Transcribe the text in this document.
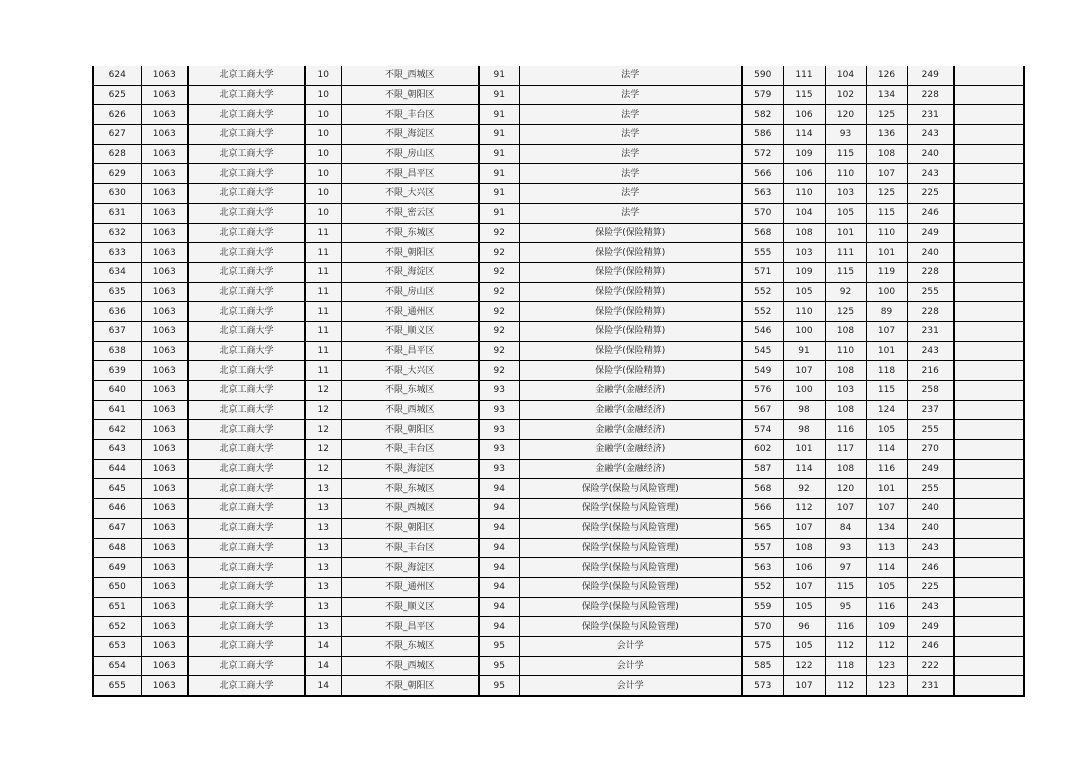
624	1063	北京工商大学	10	不限_西城区	91	法学	590	111	104	126	249	
625	1063	北京工商大学	10	不限_朝阳区	91	法学	579	115	102	134	228	
626	1063	北京工商大学	10	不限_丰台区	91	法学	582	106	120	125	231	
627	1063	北京工商大学	10	不限_海淀区	91	法学	586	114	93	136	243	
628	1063	北京工商大学	10	不限_房山区	91	法学	572	109	115	108	240	
629	1063	北京工商大学	10	不限_昌平区	91	法学	566	106	110	107	243	
630	1063	北京工商大学	10	不限_大兴区	91	法学	563	110	103	125	225	
631	1063	北京工商大学	10	不限_密云区	91	法学	570	104	105	115	246	
632	1063	北京工商大学	11	不限_东城区	92	保险学(保险精算)	568	108	101	110	249	
633	1063	北京工商大学	11	不限_朝阳区	92	保险学(保险精算)	555	103	111	101	240	
634	1063	北京工商大学	11	不限_海淀区	92	保险学(保险精算)	571	109	115	119	228	
635	1063	北京工商大学	11	不限_房山区	92	保险学(保险精算)	552	105	92	100	255	
636	1063	北京工商大学	11	不限_通州区	92	保险学(保险精算)	552	110	125	89	228	
637	1063	北京工商大学	11	不限_顺义区	92	保险学(保险精算)	546	100	108	107	231	
638	1063	北京工商大学	11	不限_昌平区	92	保险学(保险精算)	545	91	110	101	243	
639	1063	北京工商大学	11	不限_大兴区	92	保险学(保险精算)	549	107	108	118	216	
640	1063	北京工商大学	12	不限_东城区	93	金融学(金融经济)	576	100	103	115	258	
641	1063	北京工商大学	12	不限_西城区	93	金融学(金融经济)	567	98	108	124	237	
642	1063	北京工商大学	12	不限_朝阳区	93	金融学(金融经济)	574	98	116	105	255	
643	1063	北京工商大学	12	不限_丰台区	93	金融学(金融经济)	602	101	117	114	270	
644	1063	北京工商大学	12	不限_海淀区	93	金融学(金融经济)	587	114	108	116	249	
645	1063	北京工商大学	13	不限_东城区	94	保险学(保险与风险管理)	568	92	120	101	255	
646	1063	北京工商大学	13	不限_西城区	94	保险学(保险与风险管理)	566	112	107	107	240	
647	1063	北京工商大学	13	不限_朝阳区	94	保险学(保险与风险管理)	565	107	84	134	240	
648	1063	北京工商大学	13	不限_丰台区	94	保险学(保险与风险管理)	557	108	93	113	243	
649	1063	北京工商大学	13	不限_海淀区	94	保险学(保险与风险管理)	563	106	97	114	246	
650	1063	北京工商大学	13	不限_通州区	94	保险学(保险与风险管理)	552	107	115	105	225	
651	1063	北京工商大学	13	不限_顺义区	94	保险学(保险与风险管理)	559	105	95	116	243	
652	1063	北京工商大学	13	不限_昌平区	94	保险学(保险与风险管理)	570	96	116	109	249	
653	1063	北京工商大学	14	不限_东城区	95	会计学	575	105	112	112	246	
654	1063	北京工商大学	14	不限_西城区	95	会计学	585	122	118	123	222	
655	1063	北京工商大学	14	不限_朝阳区	95	会计学	573	107	112	123	231	
